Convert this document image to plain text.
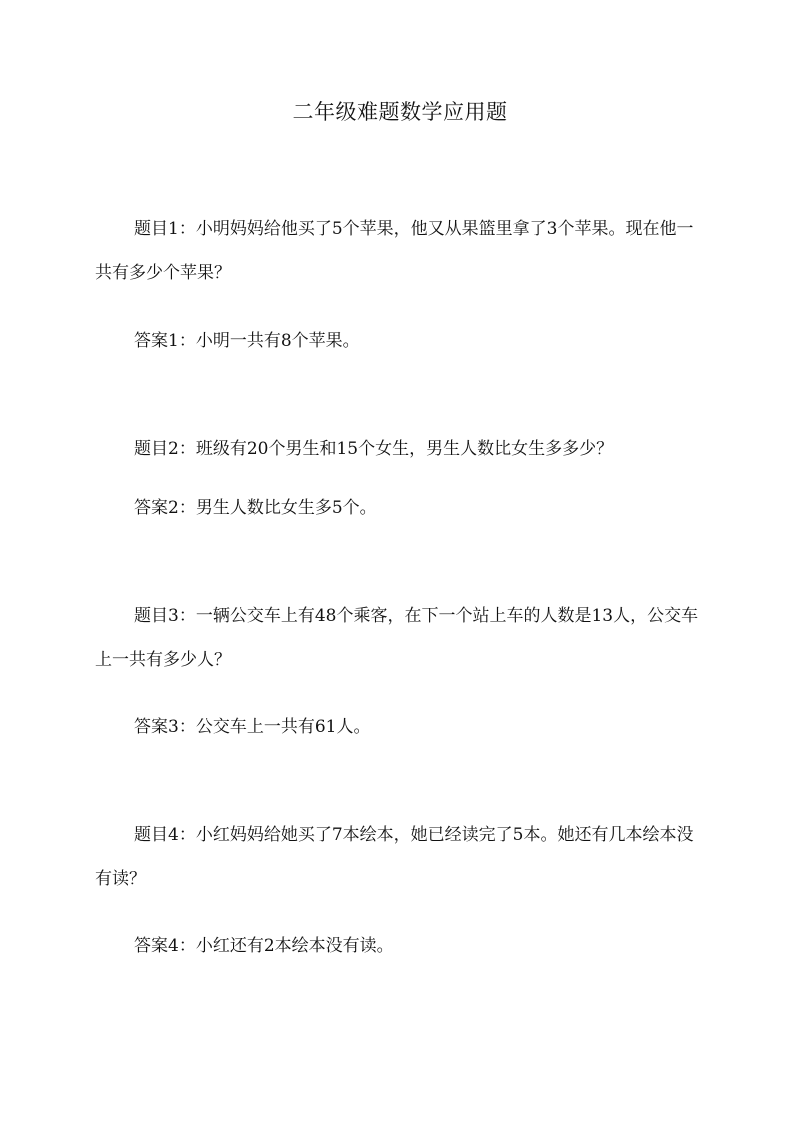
二年级难题数学应用题

题目1：小明妈妈给他买了5个苹果，他又从果篮里拿了3个苹果。现在他一共有多少个苹果？

答案1：小明一共有8个苹果。

题目2：班级有20个男生和15个女生，男生人数比女生多多少？

答案2：男生人数比女生多5个。

题目3：一辆公交车上有48个乘客，在下一个站上车的人数是13人，公交车上一共有多少人？

答案3：公交车上一共有61人。

题目4：小红妈妈给她买了7本绘本，她已经读完了5本。她还有几本绘本没有读？

答案4：小红还有2本绘本没有读。
